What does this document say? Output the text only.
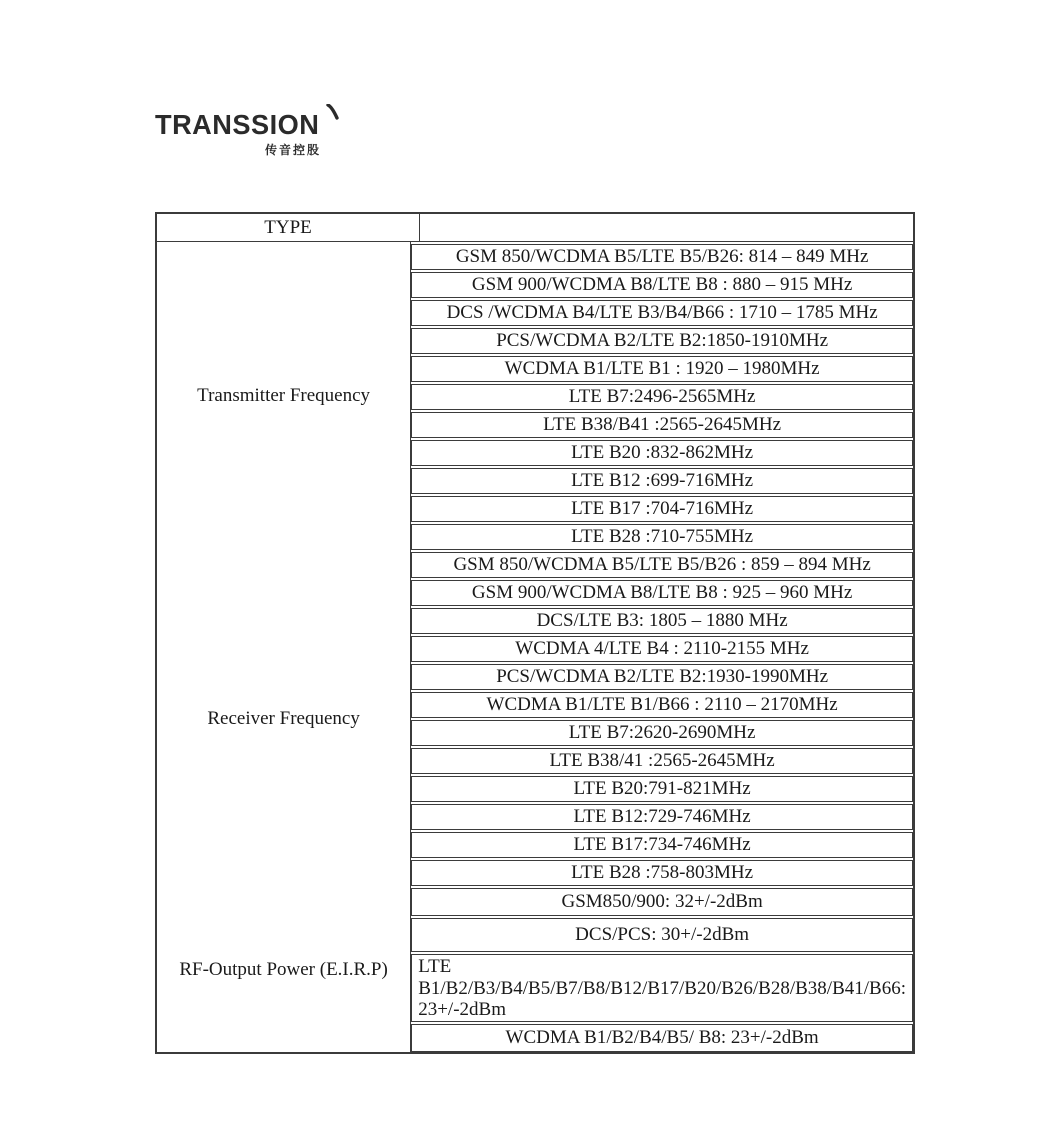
TRANSSION
传音控股
TYPE
Transmitter Frequency
Receiver Frequency
RF-Output Power (E.I.R.P)
GSM 850/WCDMA B5/LTE B5/B26: 814 – 849 MHz
GSM 900/WCDMA B8/LTE B8 : 880 – 915 MHz
DCS /WCDMA B4/LTE B3/B4/B66 : 1710 – 1785 MHz
PCS/WCDMA B2/LTE B2:1850-1910MHz
WCDMA B1/LTE B1 : 1920 – 1980MHz
LTE B7:2496-2565MHz
LTE B38/B41 :2565-2645MHz
LTE B20 :832-862MHz
LTE B12 :699-716MHz
LTE B17 :704-716MHz
LTE B28 :710-755MHz
GSM 850/WCDMA B5/LTE B5/B26 : 859 – 894 MHz
GSM 900/WCDMA B8/LTE B8 : 925 – 960 MHz
DCS/LTE B3: 1805 – 1880 MHz
WCDMA 4/LTE B4 : 2110-2155 MHz
PCS/WCDMA B2/LTE B2:1930-1990MHz
WCDMA B1/LTE B1/B66 : 2110 – 2170MHz
LTE B7:2620-2690MHz
LTE B38/41 :2565-2645MHz
LTE B20:791-821MHz
LTE B12:729-746MHz
LTE B17:734-746MHz
LTE B28 :758-803MHz
GSM850/900: 32+/-2dBm
DCS/PCS: 30+/-2dBm
LTE B1/B2/B3/B4/B5/B7/B8/B12/B17/B20/B26/B28/B38/B41/B66: 23+/-2dBm
WCDMA B1/B2/B4/B5/ B8: 23+/-2dBm
